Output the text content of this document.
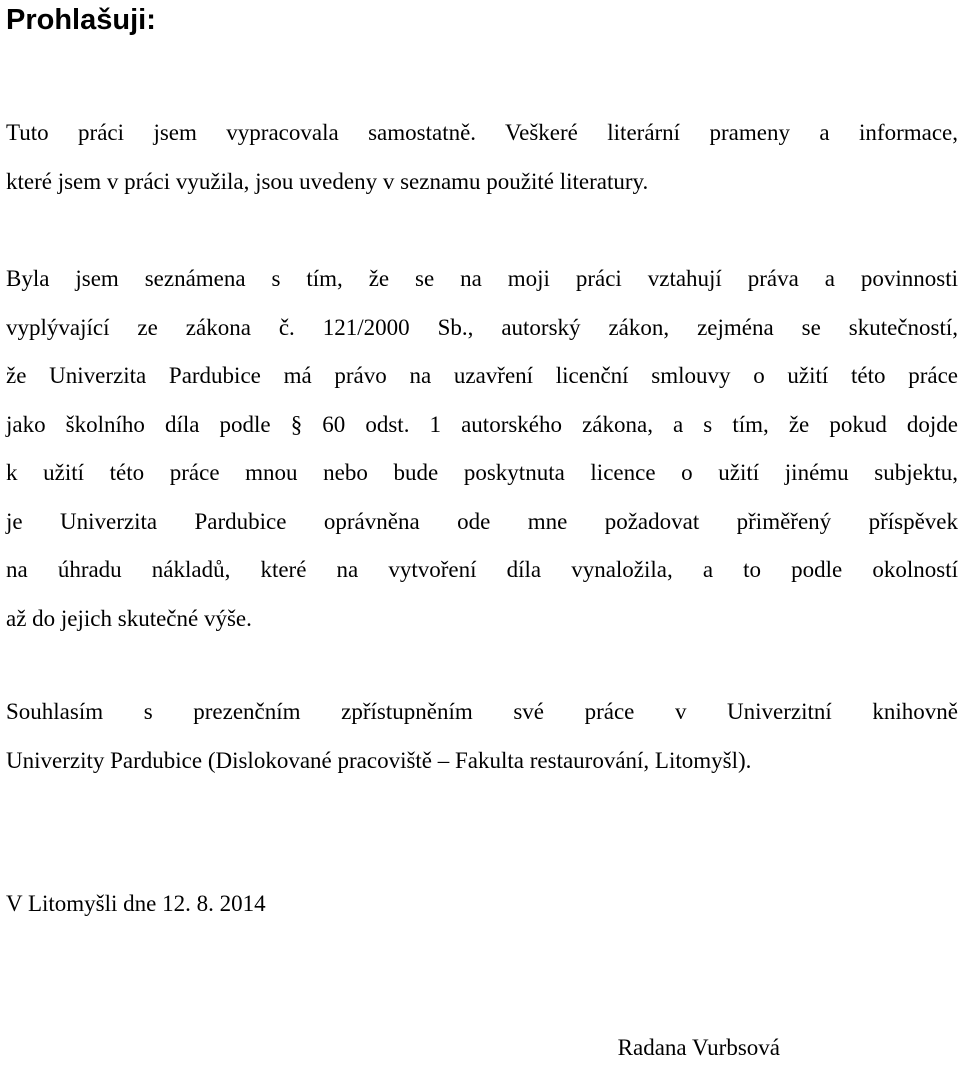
Prohlašuji:

Tuto práci jsem vypracovala samostatně. Veškeré literární prameny a informace,
které jsem v práci využila, jsou uvedeny v seznamu použité literatury.

Byla jsem seznámena s tím, že se na moji práci vztahují práva a povinnosti
vyplývající ze zákona č. 121/2000 Sb., autorský zákon, zejména se skutečností,
že Univerzita Pardubice má právo na uzavření licenční smlouvy o užití této práce
jako školního díla podle § 60 odst. 1 autorského zákona, a s tím, že pokud dojde
k užití této práce mnou nebo bude poskytnuta licence o užití jinému subjektu,
je Univerzita Pardubice oprávněna ode mne požadovat přiměřený příspěvek
na úhradu nákladů, které na vytvoření díla vynaložila, a to podle okolností
až do jejich skutečné výše.

Souhlasím s prezenčním zpřístupněním své práce v Univerzitní knihovně
Univerzity Pardubice (Dislokované pracoviště – Fakulta restaurování, Litomyšl).

V Litomyšli dne 12. 8. 2014

Radana Vurbsová
